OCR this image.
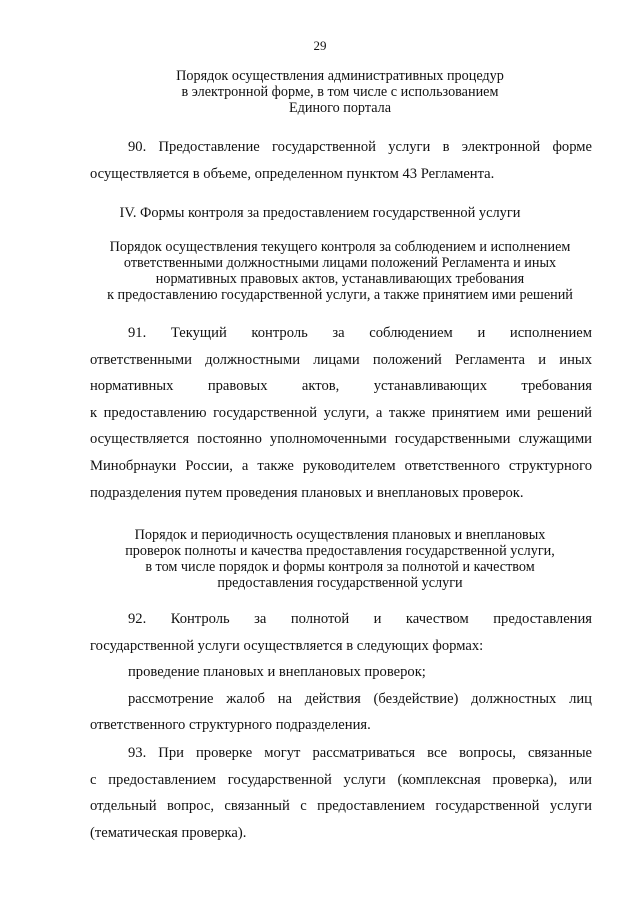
29
Порядок осуществления административных процедур
в электронной форме, в том числе с использованием
Единого портала
90. Предоставление государственной услуги в электронной форме
осуществляется в объеме, определенном пунктом 43 Регламента.
IV. Формы контроля за предоставлением государственной услуги
Порядок осуществления текущего контроля за соблюдением и исполнением
ответственными должностными лицами положений Регламента и иных
нормативных правовых актов, устанавливающих требования
к предоставлению государственной услуги, а также принятием ими решений
91. Текущий контроль за соблюдением и исполнением
ответственными должностными лицами положений Регламента и иных
нормативных правовых актов, устанавливающих требования
к предоставлению государственной услуги, а также принятием ими решений
осуществляется постоянно уполномоченными государственными служащими
Минобрнауки России, а также руководителем ответственного структурного
подразделения путем проведения плановых и внеплановых проверок.
Порядок и периодичность осуществления плановых и внеплановых
проверок полноты и качества предоставления государственной услуги,
в том числе порядок и формы контроля за полнотой и качеством
предоставления государственной услуги
92. Контроль за полнотой и качеством предоставления
государственной услуги осуществляется в следующих формах:
проведение плановых и внеплановых проверок;
рассмотрение жалоб на действия (бездействие) должностных лиц
ответственного структурного подразделения.
93. При проверке могут рассматриваться все вопросы, связанные
с предоставлением государственной услуги (комплексная проверка), или
отдельный вопрос, связанный с предоставлением государственной услуги
(тематическая проверка).
